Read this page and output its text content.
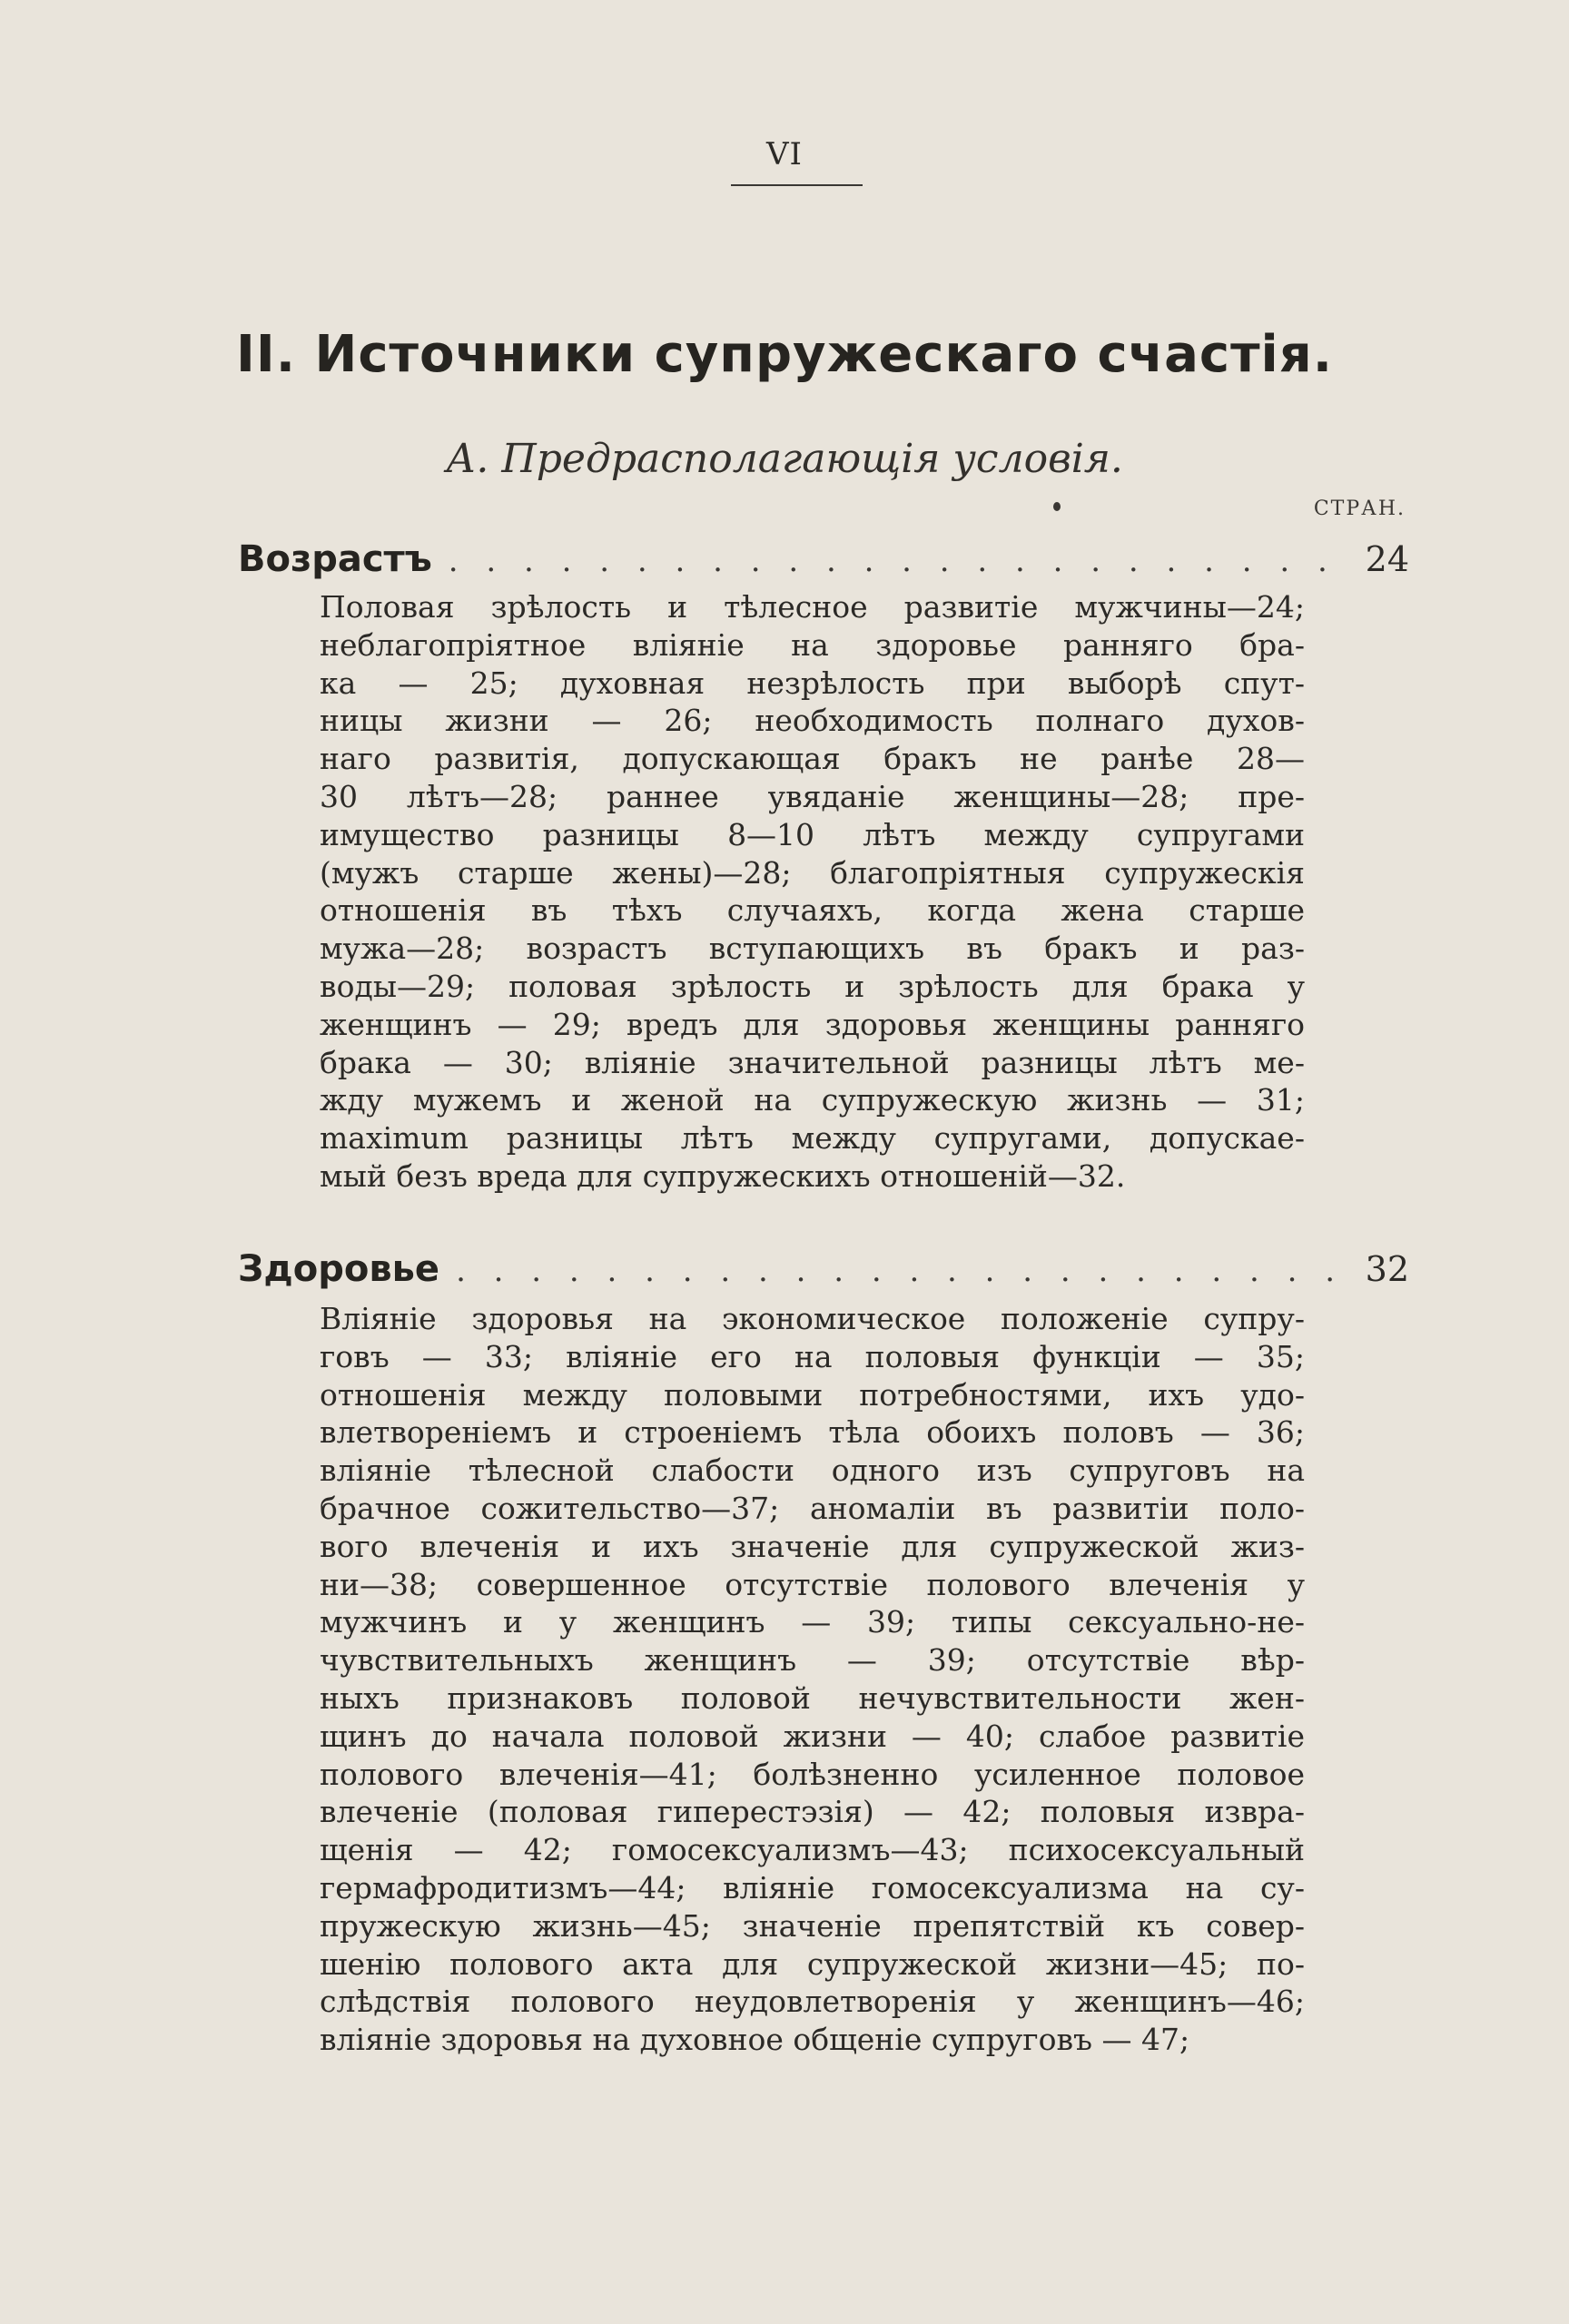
VI
II. Источники супружескаго счастія.
А. Предрасполагающія условія.
СТРАН.
Возрастъ . . .	24
Половая зрѣлость и тѣлесное развитіе мужчины—24;
неблагопріятное вліяніе на здоровье ранняго бра-
ка — 25; духовная незрѣлость при выборѣ спут-
ницы жизни — 26; необходимость полнаго духов-
наго развитія, допускающая бракъ не ранѣе 28—
30 лѣтъ—28; раннее увяданіе женщины—28; пре-
имущество разницы 8—10 лѣтъ между супругами
(мужъ старше жены)—28; благопріятныя супружескія
отношенія въ тѣхъ случаяхъ, когда жена старше
мужа—28; возрастъ вступающихъ въ бракъ и раз-
воды—29; половая зрѣлость и зрѣлость для брака у
женщинъ — 29; вредъ для здоровья женщины ранняго
брака — 30; вліяніе значительной разницы лѣтъ ме-
жду мужемъ и женой на супружескую жизнь — 31;
maximum разницы лѣтъ между супругами, допускае-
мый безъ вреда для супружескихъ отношеній—32.
Здоровье . . .	32
Вліяніе здоровья на экономическое положеніе супру-
говъ — 33; вліяніе его на половыя функціи — 35;
отношенія между половыми потребностями, ихъ удо-
влетвореніемъ и строеніемъ тѣла обоихъ половъ — 36;
вліяніе тѣлесной слабости одного изъ супруговъ на
брачное сожительство—37; аномаліи въ развитіи поло-
вого влеченія и ихъ значеніе для супружеской жиз-
ни—38; совершенное отсутствіе полового влеченія у
мужчинъ и у женщинъ — 39; типы сексуально-не-
чувствительныхъ женщинъ — 39; отсутствіе вѣр-
ныхъ признаковъ половой нечувствительности жен-
щинъ до начала половой жизни — 40; слабое развитіе
полового влеченія—41; болѣзненно усиленное половое
влеченіе (половая гиперестэзія) — 42; половыя извра-
щенія — 42; гомосексуализмъ—43; психосексуальный
гермафродитизмъ—44; вліяніе гомосексуализма на су-
пружескую жизнь—45; значеніе препятствій къ совер-
шенію полового акта для супружеской жизни—45; по-
слѣдствія полового неудовлетворенія у женщинъ—46;
вліяніе здоровья на духовное общеніе супруговъ — 47;
